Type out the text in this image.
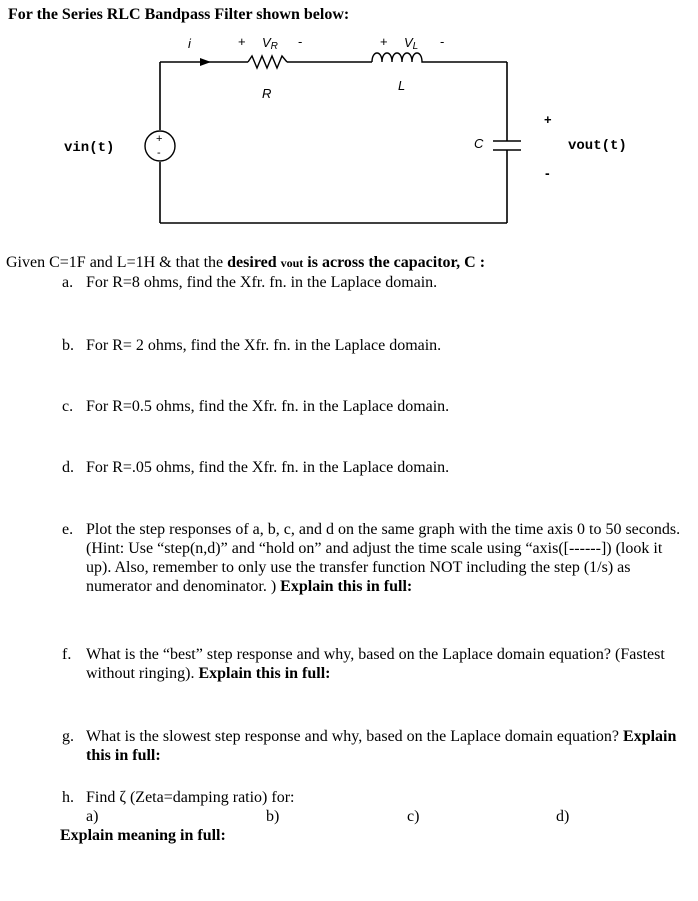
For the Series RLC Bandpass Filter shown below:
+
-
i	+ VR -	+ VL -
R
L
C
vin(t)	vout(t)
+
-
Given C=1F and L=1H & that the desired vout is across the capacitor, C :
a. For R=8 ohms, find the Xfr. fn. in the Laplace domain.
b. For R= 2 ohms, find the Xfr. fn. in the Laplace domain.
c. For R=0.5 ohms, find the Xfr. fn. in the Laplace domain.
d. For R=.05 ohms, find the Xfr. fn. in the Laplace domain.
e. Plot the step responses of a, b, c, and d on the same graph with the time axis 0 to 50 seconds. (Hint: Use “step(n,d)” and “hold on” and adjust the time scale using “axis([------]) (look it up). Also, remember to only use the transfer function NOT including the step (1/s) as numerator and denominator. ) Explain this in full:
f. What is the “best” step response and why, based on the Laplace domain equation? (Fastest without ringing). Explain this in full:
g. What is the slowest step response and why, based on the Laplace domain equation? Explain this in full:
h. Find ζ (Zeta=damping ratio) for:
a)	b)	c)	d)
Explain meaning in full:
